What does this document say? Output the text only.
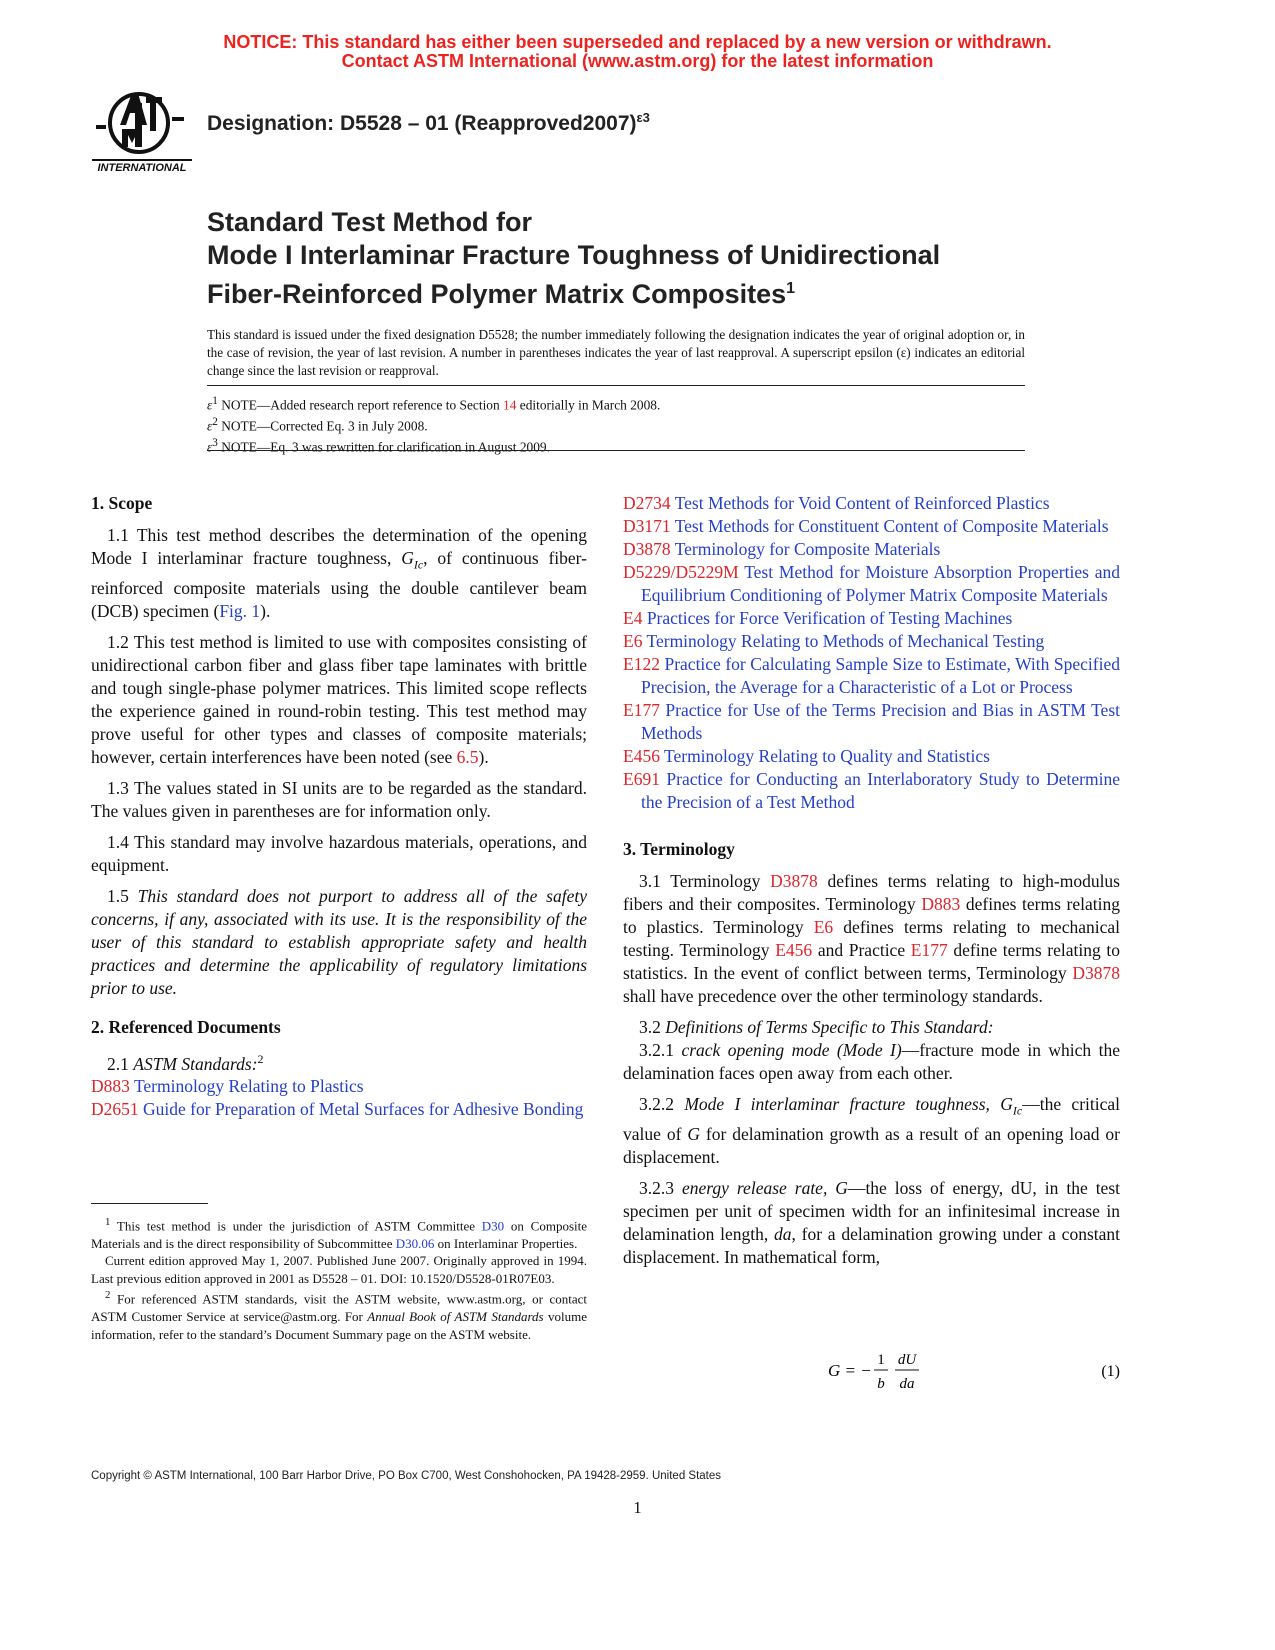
NOTICE: This standard has either been superseded and replaced by a new version or withdrawn.
Contact ASTM International (www.astm.org) for the latest information
INTERNATIONAL
Designation: D5528 – 01 (Reapproved2007)$^{\varepsilon 3}$
Standard Test Method for
Mode I Interlaminar Fracture Toughness of Unidirectional
Fiber-Reinforced Polymer Matrix Composites$^1$
This standard is issued under the fixed designation D5528; the number immediately following the designation indicates the year of original adoption or, in the case of revision, the year of last revision. A number in parentheses indicates the year of last reapproval. A superscript epsilon (ε) indicates an editorial change since the last revision or reapproval.
$\varepsilon^1$ NOTE—Added research report reference to Section 14 editorially in March 2008.
$\varepsilon^2$ NOTE—Corrected Eq. 3 in July 2008.
$\varepsilon^3$ NOTE—Eq. 3 was rewritten for clarification in August 2009.
1. Scope

1.1 This test method describes the determination of the opening Mode I interlaminar fracture toughness, $G_{Ic}$, of continuous fiber-reinforced composite materials using the double cantilever beam (DCB) specimen (Fig. 1).

1.2 This test method is limited to use with composites consisting of unidirectional carbon fiber and glass fiber tape laminates with brittle and tough single-phase polymer matrices. This limited scope reflects the experience gained in round-robin testing. This test method may prove useful for other types and classes of composite materials; however, certain interferences have been noted (see 6.5).

1.3 The values stated in SI units are to be regarded as the standard. The values given in parentheses are for information only.

1.4 This standard may involve hazardous materials, operations, and equipment.

1.5 This standard does not purport to address all of the safety concerns, if any, associated with its use. It is the responsibility of the user of this standard to establish appropriate safety and health practices and determine the applicability of regulatory limitations prior to use.

2. Referenced Documents

2.1 ASTM Standards:$^2$

D883 Terminology Relating to Plastics
D2651 Guide for Preparation of Metal Surfaces for Adhesive Bonding

$^1$ This test method is under the jurisdiction of ASTM Committee D30 on Composite Materials and is the direct responsibility of Subcommittee D30.06 on Interlaminar Properties.

Current edition approved May 1, 2007. Published June 2007. Originally approved in 1994. Last previous edition approved in 2001 as D5528 – 01. DOI: 10.1520/D5528-01R07E03.

$^2$ For referenced ASTM standards, visit the ASTM website, www.astm.org, or contact ASTM Customer Service at service@astm.org. For Annual Book of ASTM Standards volume information, refer to the standard’s Document Summary page on the ASTM website.

D2734 Test Methods for Void Content of Reinforced Plastics
D3171 Test Methods for Constituent Content of Composite Materials
D3878 Terminology for Composite Materials
D5229/D5229M Test Method for Moisture Absorption Properties and Equilibrium Conditioning of Polymer Matrix Composite Materials
E4 Practices for Force Verification of Testing Machines
E6 Terminology Relating to Methods of Mechanical Testing
E122 Practice for Calculating Sample Size to Estimate, With Specified Precision, the Average for a Characteristic of a Lot or Process
E177 Practice for Use of the Terms Precision and Bias in ASTM Test Methods
E456 Terminology Relating to Quality and Statistics
E691 Practice for Conducting an Interlaboratory Study to Determine the Precision of a Test Method
3. Terminology

3.1 Terminology D3878 defines terms relating to high-modulus fibers and their composites. Terminology D883 defines terms relating to plastics. Terminology E6 defines terms relating to mechanical testing. Terminology E456 and Practice E177 define terms relating to statistics. In the event of conflict between terms, Terminology D3878 shall have precedence over the other terminology standards.

3.2 Definitions of Terms Specific to This Standard:

3.2.1 crack opening mode (Mode I)—fracture mode in which the delamination faces open away from each other.

3.2.2 Mode I interlaminar fracture toughness, $G_{Ic}—the$ critical value of G for delamination growth as a result of an opening load or displacement.

3.2.3 energy release rate, G—the loss of energy, dU, in the test specimen per unit of specimen width for an infinitesimal increase in delamination length, da, for a delamination growing under a constant displacement. In mathematical form,

G = −
1
b
dU
da
(1)
Copyright © ASTM International, 100 Barr Harbor Drive, PO Box C700, West Conshohocken, PA 19428-2959. United States
1
